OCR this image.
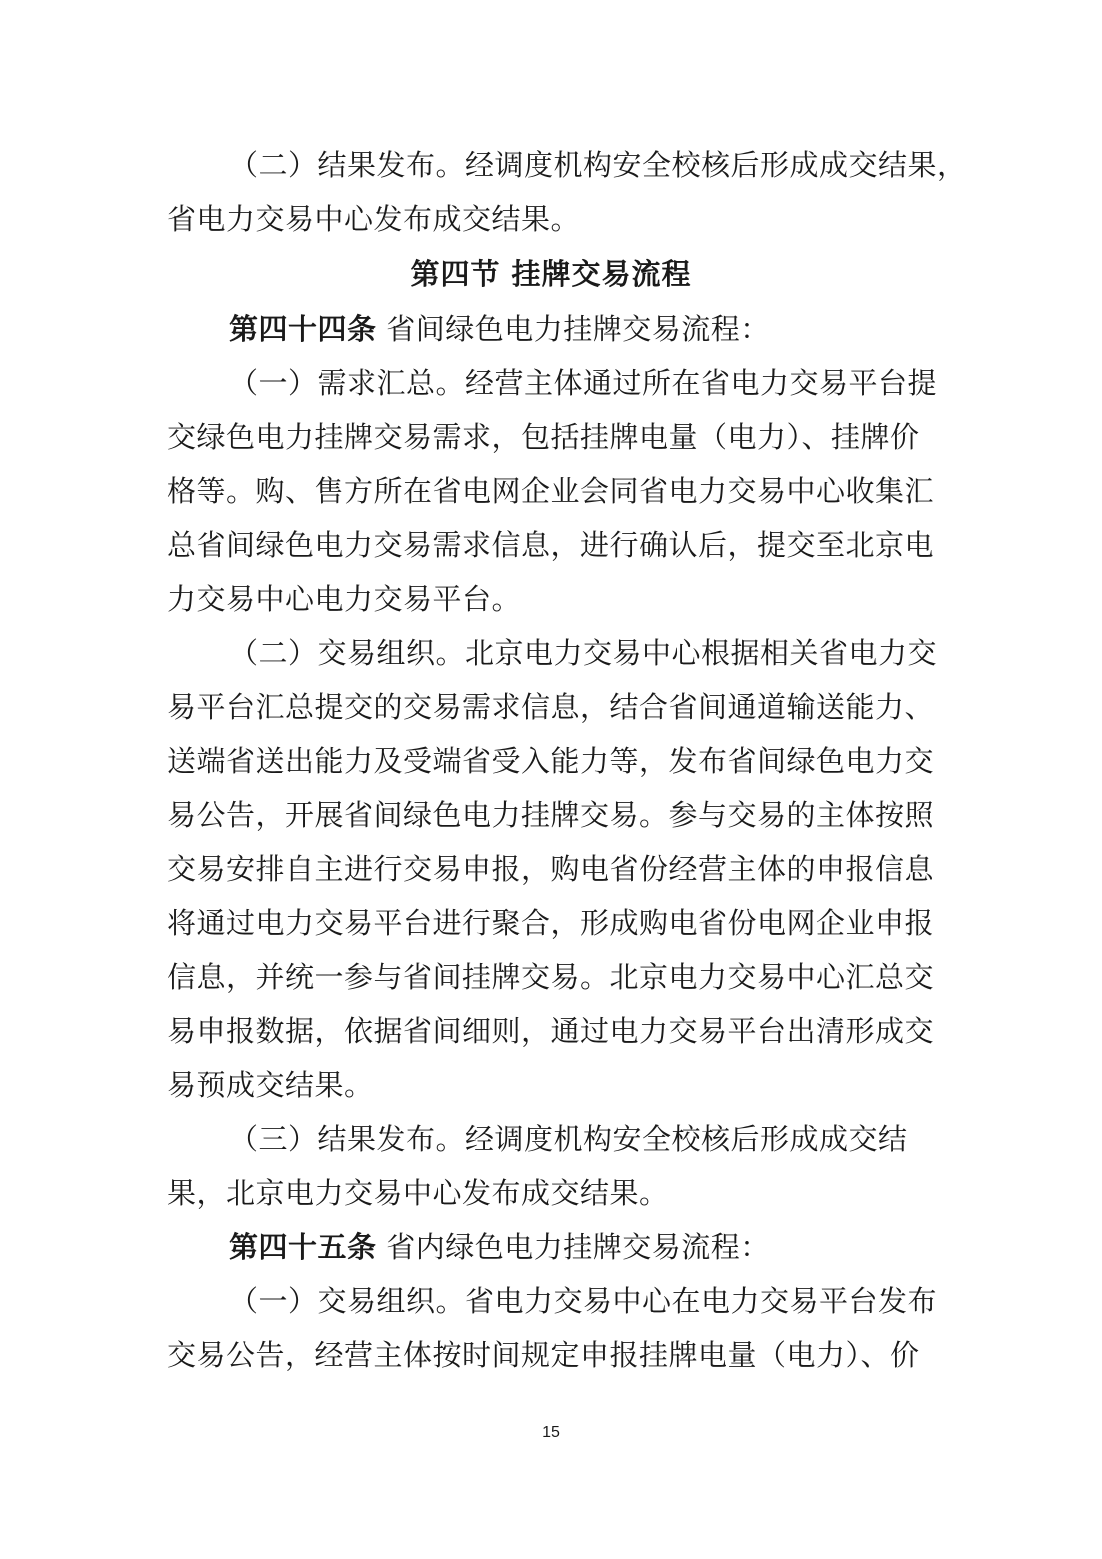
（二）结果发布。经调度机构安全校核后形成成交结果，
省电力交易中心发布成交结果。

第四节 挂牌交易流程

第四十四条 省间绿色电力挂牌交易流程：

（一）需求汇总。经营主体通过所在省电力交易平台提
交绿色电力挂牌交易需求，包括挂牌电量（电力）、挂牌价
格等。购、售方所在省电网企业会同省电力交易中心收集汇
总省间绿色电力交易需求信息，进行确认后，提交至北京电
力交易中心电力交易平台。

（二）交易组织。北京电力交易中心根据相关省电力交
易平台汇总提交的交易需求信息，结合省间通道输送能力、
送端省送出能力及受端省受入能力等，发布省间绿色电力交
易公告，开展省间绿色电力挂牌交易。参与交易的主体按照
交易安排自主进行交易申报，购电省份经营主体的申报信息
将通过电力交易平台进行聚合，形成购电省份电网企业申报
信息，并统一参与省间挂牌交易。北京电力交易中心汇总交
易申报数据，依据省间细则，通过电力交易平台出清形成交
易预成交结果。

（三）结果发布。经调度机构安全校核后形成成交结
果，北京电力交易中心发布成交结果。

第四十五条 省内绿色电力挂牌交易流程：

（一）交易组织。省电力交易中心在电力交易平台发布
交易公告，经营主体按时间规定申报挂牌电量（电力）、价

15
